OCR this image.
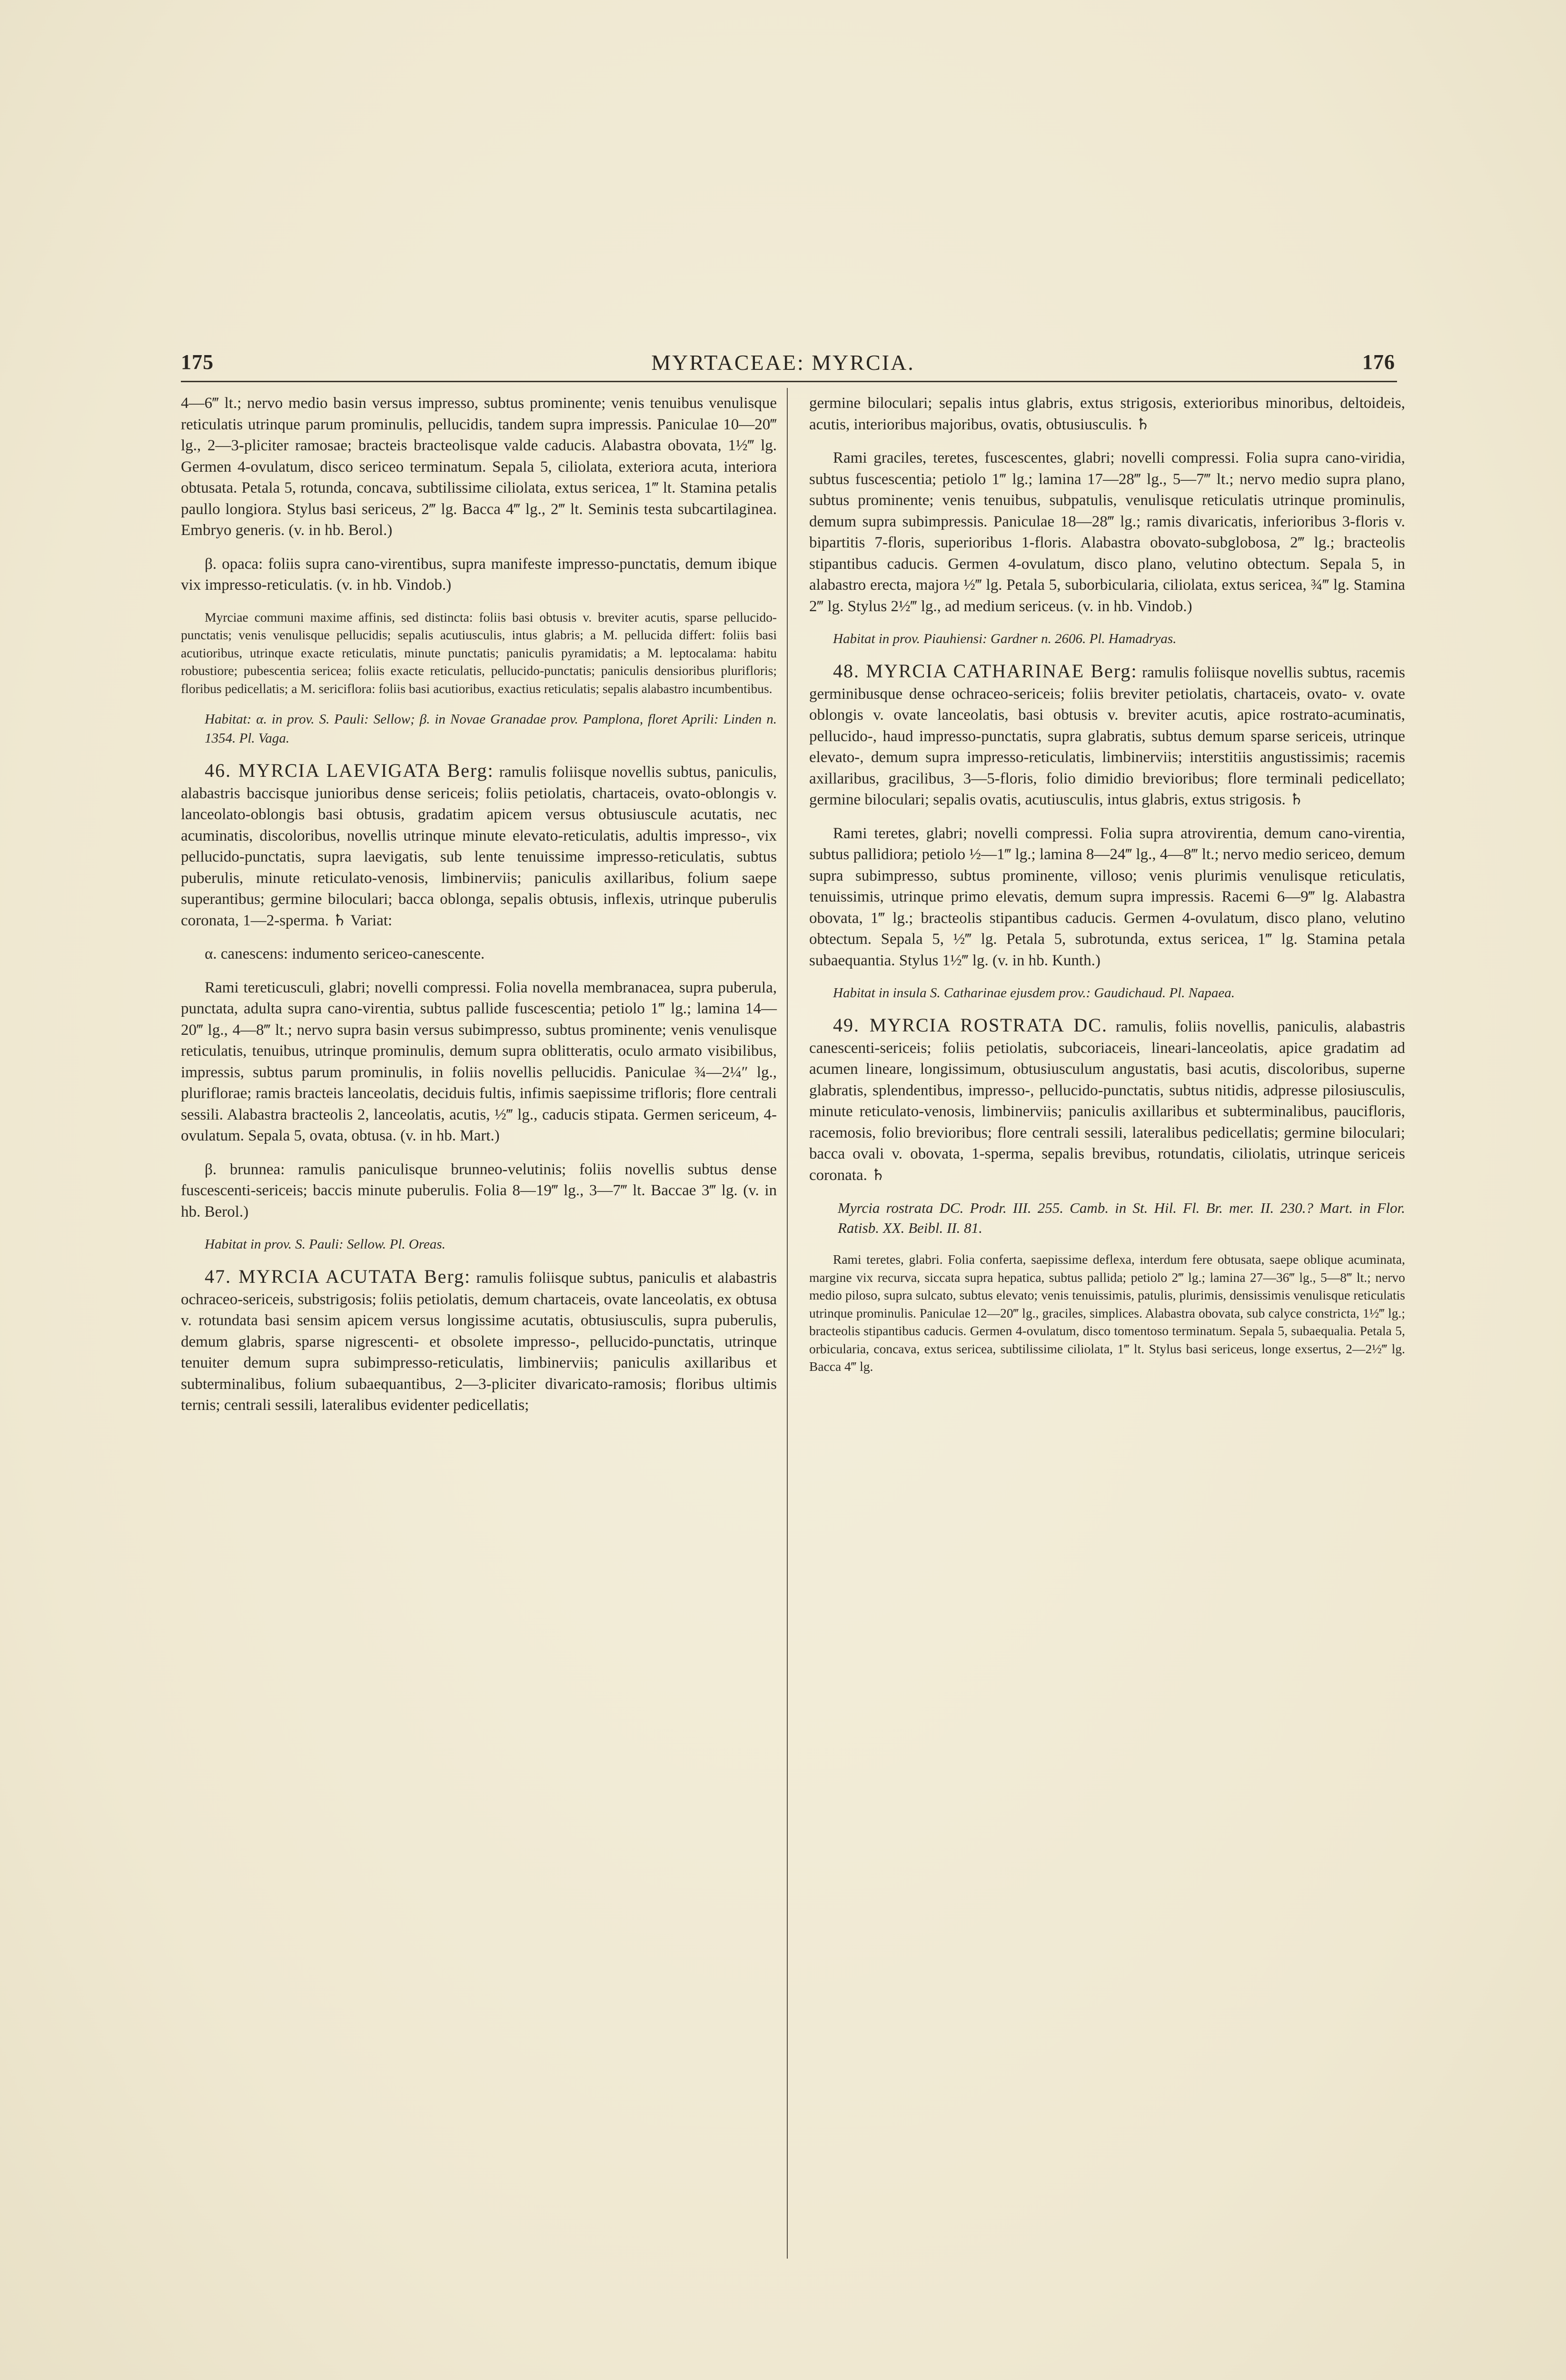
175	MYRTACEAE: MYRCIA.	176

4—6‴ lt.; nervo medio basin versus impresso, subtus prominente; venis tenuibus venulisque reticulatis utrinque parum prominulis, pellucidis, tandem supra impressis. Paniculae 10—20‴ lg., 2—3-pliciter ramosae; bracteis bracteolisque valde caducis. Alabastra obovata, 1½‴ lg. Germen 4-ovulatum, disco sericeo terminatum. Sepala 5, ciliolata, exteriora acuta, interiora obtusata. Petala 5, rotunda, concava, subtilissime ciliolata, extus sericea, 1‴ lt. Stamina petalis paullo longiora. Stylus basi sericeus, 2‴ lg. Bacca 4‴ lg., 2‴ lt. Seminis testa subcartilaginea. Embryo generis. (v. in hb. Berol.)

β. opaca: foliis supra cano-virentibus, supra manifeste impresso-punctatis, demum ibique vix impresso-reticulatis. (v. in hb. Vindob.)

Myrciae communi maxime affinis, sed distincta: foliis basi obtusis v. breviter acutis, sparse pellucido-punctatis; venis venulisque pellucidis; sepalis acutiusculis, intus glabris; a M. pellucida differt: foliis basi acutioribus, utrinque exacte reticulatis, minute punctatis; paniculis pyramidatis; a M. leptocalama: habitu robustiore; pubescentia sericea; foliis exacte reticulatis, pellucido-punctatis; paniculis densioribus plurifloris; floribus pedicellatis; a M. sericiflora: foliis basi acutioribus, exactius reticulatis; sepalis alabastro incumbentibus.

Habitat: α. in prov. S. Pauli: Sellow; β. in Novae Granadae prov. Pamplona, floret Aprili: Linden n. 1354. Pl. Vaga.

46. MYRCIA LAEVIGATA Berg: ramulis foliisque novellis subtus, paniculis, alabastris baccisque junioribus dense sericeis; foliis petiolatis, chartaceis, ovato-oblongis v. lanceolato-oblongis basi obtusis, gradatim apicem versus obtusiuscule acutatis, nec acuminatis, discoloribus, novellis utrinque minute elevato-reticulatis, adultis impresso-, vix pellucido-punctatis, supra laevigatis, sub lente tenuissime impresso-reticulatis, subtus puberulis, minute reticulato-venosis, limbinerviis; paniculis axillaribus, folium saepe superantibus; germine biloculari; bacca oblonga, sepalis obtusis, inflexis, utrinque puberulis coronata, 1—2-sperma. ♄ Variat:

α. canescens: indumento sericeo-canescente.

Rami tereticusculi, glabri; novelli compressi. Folia novella membranacea, supra puberula, punctata, adulta supra cano-virentia, subtus pallide fuscescentia; petiolo 1‴ lg.; lamina 14—20‴ lg., 4—8‴ lt.; nervo supra basin versus subimpresso, subtus prominente; venis venulisque reticulatis, tenuibus, utrinque prominulis, demum supra oblitteratis, oculo armato visibilibus, impressis, subtus parum prominulis, in foliis novellis pellucidis. Paniculae ¾—2¼″ lg., pluriflorae; ramis bracteis lanceolatis, deciduis fultis, infimis saepissime trifloris; flore centrali sessili. Alabastra bracteolis 2, lanceolatis, acutis, ½‴ lg., caducis stipata. Germen sericeum, 4-ovulatum. Sepala 5, ovata, obtusa. (v. in hb. Mart.)

β. brunnea: ramulis paniculisque brunneo-velutinis; foliis novellis subtus dense fuscescenti-sericeis; baccis minute puberulis. Folia 8—19‴ lg., 3—7‴ lt. Baccae 3‴ lg. (v. in hb. Berol.)

Habitat in prov. S. Pauli: Sellow. Pl. Oreas.

47. MYRCIA ACUTATA Berg: ramulis foliisque subtus, paniculis et alabastris ochraceo-sericeis, substrigosis; foliis petiolatis, demum chartaceis, ovate lanceolatis, ex obtusa v. rotundata basi sensim apicem versus longissime acutatis, obtusiusculis, supra puberulis, demum glabris, sparse nigrescenti- et obsolete impresso-, pellucido-punctatis, utrinque tenuiter demum supra subimpresso-reticulatis, limbinerviis; paniculis axillaribus et subterminalibus, folium subaequantibus, 2—3-pliciter divaricato-ramosis; floribus ultimis ternis; centrali sessili, lateralibus evidenter pedicellatis;

germine biloculari; sepalis intus glabris, extus strigosis, exterioribus minoribus, deltoideis, acutis, interioribus majoribus, ovatis, obtusiusculis. ♄

Rami graciles, teretes, fuscescentes, glabri; novelli compressi. Folia supra cano-viridia, subtus fuscescentia; petiolo 1‴ lg.; lamina 17—28‴ lg., 5—7‴ lt.; nervo medio supra plano, subtus prominente; venis tenuibus, subpatulis, venulisque reticulatis utrinque prominulis, demum supra subimpressis. Paniculae 18—28‴ lg.; ramis divaricatis, inferioribus 3-floris v. bipartitis 7-floris, superioribus 1-floris. Alabastra obovato-subglobosa, 2‴ lg.; bracteolis stipantibus caducis. Germen 4-ovulatum, disco plano, velutino obtectum. Sepala 5, in alabastro erecta, majora ½‴ lg. Petala 5, suborbicularia, ciliolata, extus sericea, ¾‴ lg. Stamina 2‴ lg. Stylus 2½‴ lg., ad medium sericeus. (v. in hb. Vindob.)

Habitat in prov. Piauhiensi: Gardner n. 2606. Pl. Hamadryas.

48. MYRCIA CATHARINAE Berg: ramulis foliisque novellis subtus, racemis germinibusque dense ochraceo-sericeis; foliis breviter petiolatis, chartaceis, ovato- v. ovate oblongis v. ovate lanceolatis, basi obtusis v. breviter acutis, apice rostrato-acuminatis, pellucido-, haud impresso-punctatis, supra glabratis, subtus demum sparse sericeis, utrinque elevato-, demum supra impresso-reticulatis, limbinerviis; interstitiis angustissimis; racemis axillaribus, gracilibus, 3—5-floris, folio dimidio brevioribus; flore terminali pedicellato; germine biloculari; sepalis ovatis, acutiusculis, intus glabris, extus strigosis. ♄

Rami teretes, glabri; novelli compressi. Folia supra atrovirentia, demum cano-virentia, subtus pallidiora; petiolo ½—1‴ lg.; lamina 8—24‴ lg., 4—8‴ lt.; nervo medio sericeo, demum supra subimpresso, subtus prominente, villoso; venis plurimis venulisque reticulatis, tenuissimis, utrinque primo elevatis, demum supra impressis. Racemi 6—9‴ lg. Alabastra obovata, 1‴ lg.; bracteolis stipantibus caducis. Germen 4-ovulatum, disco plano, velutino obtectum. Sepala 5, ½‴ lg. Petala 5, subrotunda, extus sericea, 1‴ lg. Stamina petala subaequantia. Stylus 1½‴ lg. (v. in hb. Kunth.)

Habitat in insula S. Catharinae ejusdem prov.: Gaudichaud. Pl. Napaea.

49. MYRCIA ROSTRATA DC. ramulis, foliis novellis, paniculis, alabastris canescenti-sericeis; foliis petiolatis, subcoriaceis, lineari-lanceolatis, apice gradatim ad acumen lineare, longissimum, obtusiusculum angustatis, basi acutis, discoloribus, superne glabratis, splendentibus, impresso-, pellucido-punctatis, subtus nitidis, adpresse pilosiusculis, minute reticulato-venosis, limbinerviis; paniculis axillaribus et subterminalibus, paucifloris, racemosis, folio brevioribus; flore centrali sessili, lateralibus pedicellatis; germine biloculari; bacca ovali v. obovata, 1-sperma, sepalis brevibus, rotundatis, ciliolatis, utrinque sericeis coronata. ♄

Myrcia rostrata DC. Prodr. III. 255. Camb. in St. Hil. Fl. Br. mer. II. 230.? Mart. in Flor. Ratisb. XX. Beibl. II. 81.

Rami teretes, glabri. Folia conferta, saepissime deflexa, interdum fere obtusata, saepe oblique acuminata, margine vix recurva, siccata supra hepatica, subtus pallida; petiolo 2‴ lg.; lamina 27—36‴ lg., 5—8‴ lt.; nervo medio piloso, supra sulcato, subtus elevato; venis tenuissimis, patulis, plurimis, densissimis venulisque reticulatis utrinque prominulis. Paniculae 12—20‴ lg., graciles, simplices. Alabastra obovata, sub calyce constricta, 1½‴ lg.; bracteolis stipantibus caducis. Germen 4-ovulatum, disco tomentoso terminatum. Sepala 5, subaequalia. Petala 5, orbicularia, concava, extus sericea, subtilissime ciliolata, 1‴ lt. Stylus basi sericeus, longe exsertus, 2—2½‴ lg. Bacca 4‴ lg.
